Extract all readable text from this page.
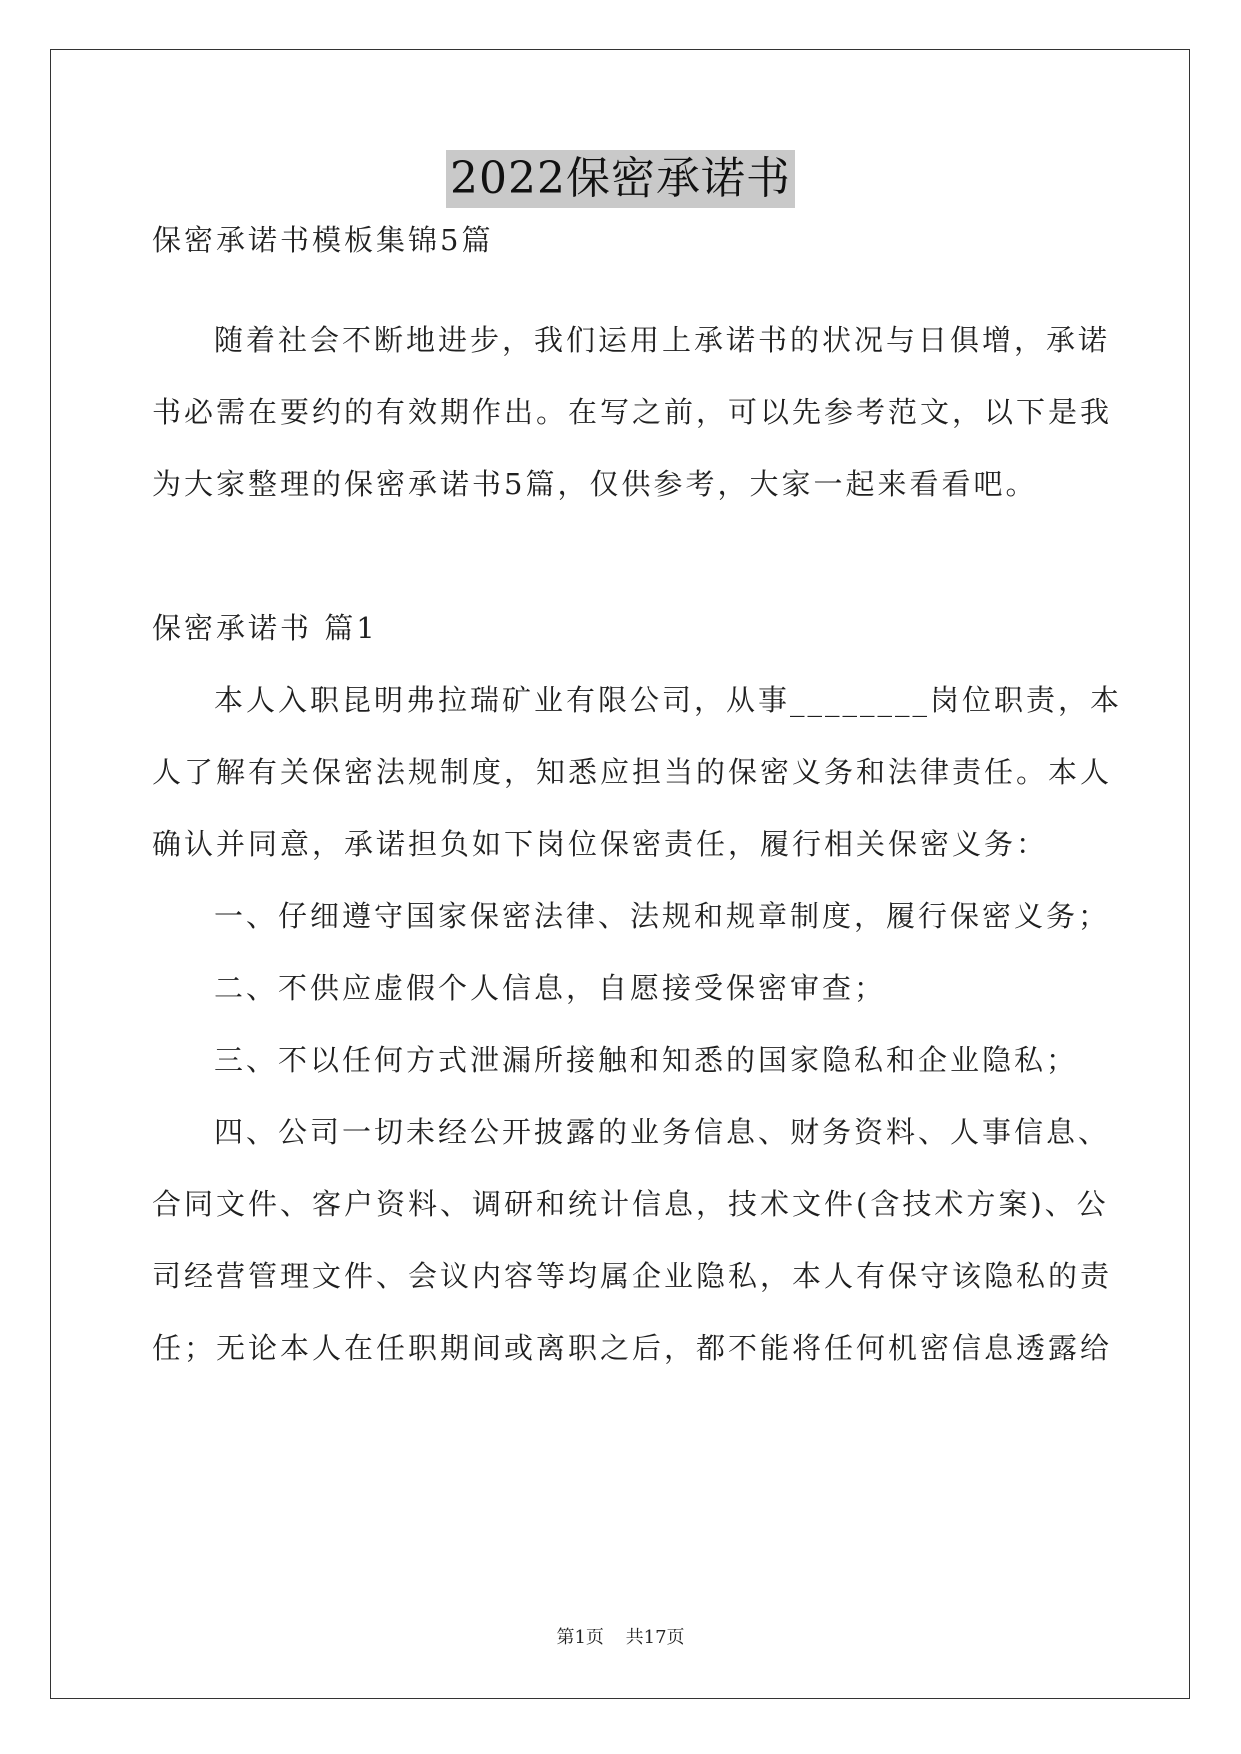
2022保密承诺书
保密承诺书模板集锦5篇
随着社会不断地进步，我们运用上承诺书的状况与日俱增，承诺
书必需在要约的有效期作出。在写之前，可以先参考范文，以下是我
为大家整理的保密承诺书5篇，仅供参考，大家一起来看看吧。
保密承诺书 篇1
本人入职昆明弗拉瑞矿业有限公司，从事________岗位职责，本
人了解有关保密法规制度，知悉应担当的保密义务和法律责任。本人
确认并同意，承诺担负如下岗位保密责任，履行相关保密义务：
一、仔细遵守国家保密法律、法规和规章制度，履行保密义务；
二、不供应虚假个人信息，自愿接受保密审查；
三、不以任何方式泄漏所接触和知悉的国家隐私和企业隐私；
四、公司一切未经公开披露的业务信息、财务资料、人事信息、
合同文件、客户资料、调研和统计信息，技术文件(含技术方案)、公
司经营管理文件、会议内容等均属企业隐私，本人有保守该隐私的责
任；无论本人在任职期间或离职之后，都不能将任何机密信息透露给
第1页 共17页
